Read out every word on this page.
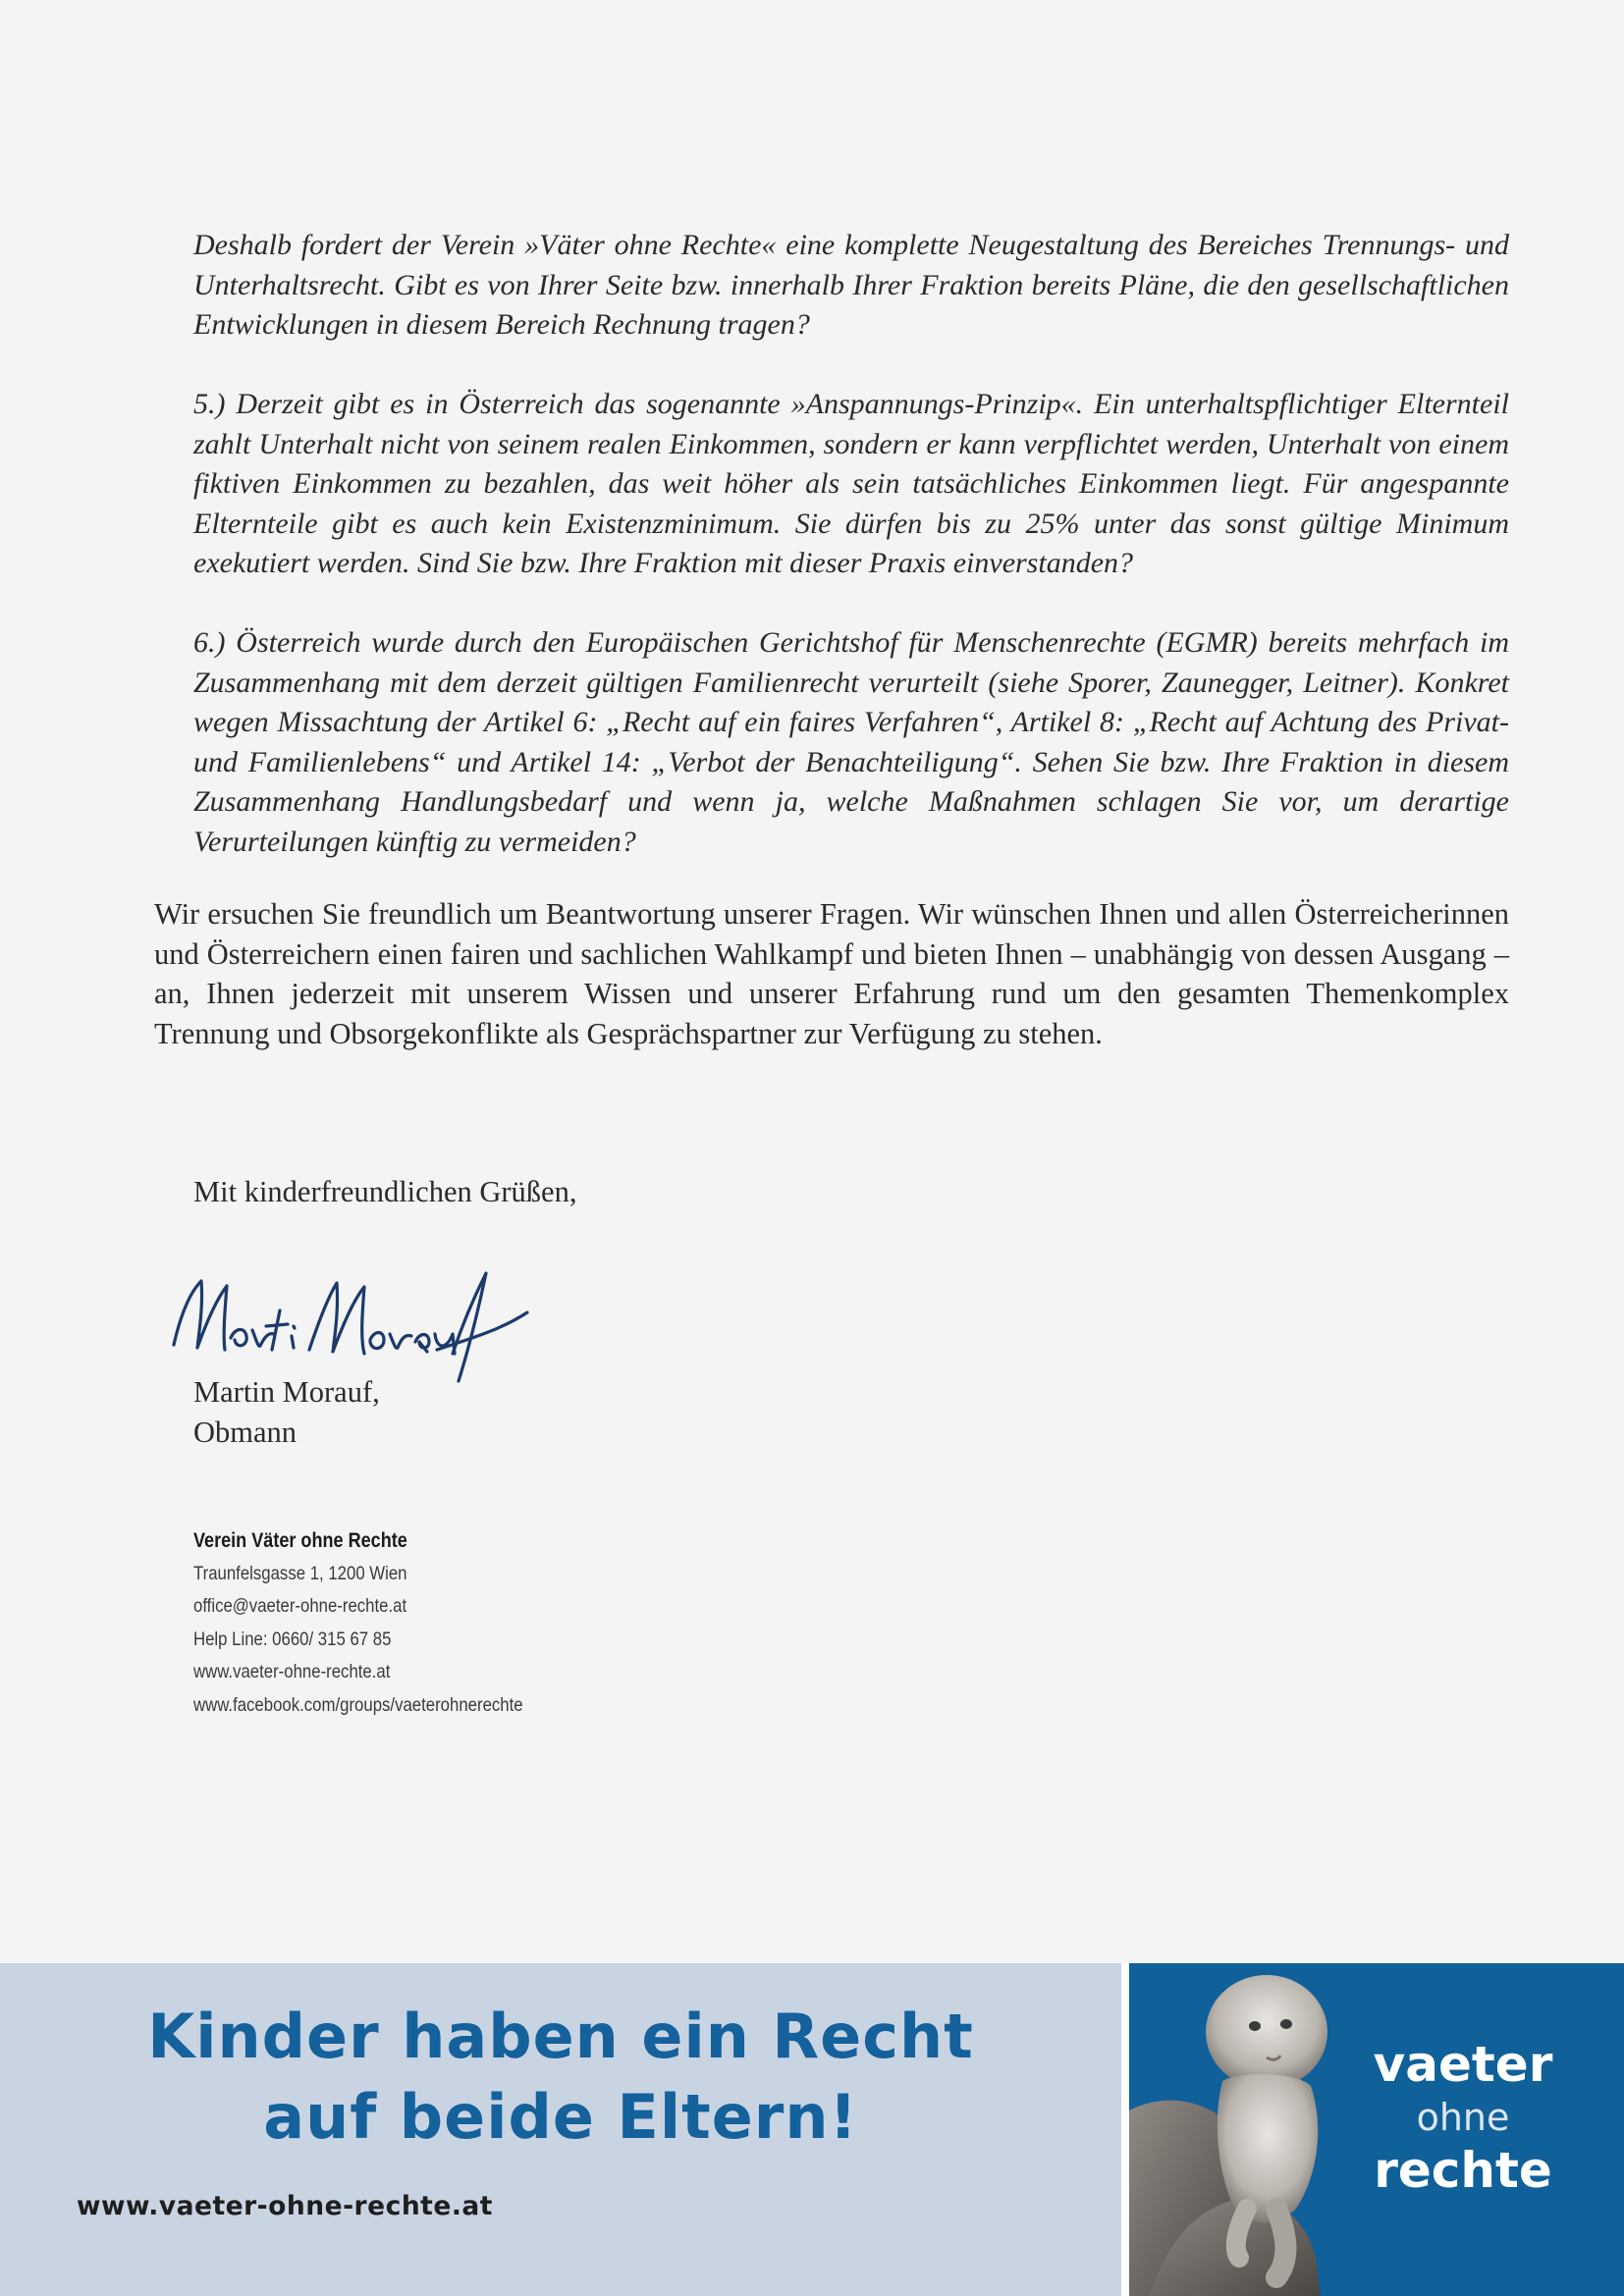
Deshalb fordert der Verein »Väter ohne Rechte« eine komplette Neugestaltung des Bereiches Trennungs- und Unterhaltsrecht. Gibt es von Ihrer Seite bzw. innerhalb Ihrer Fraktion bereits Pläne, die den gesellschaftlichen Entwicklungen in diesem Bereich Rechnung tragen?

5.) Derzeit gibt es in Österreich das sogenannte »Anspannungs-Prinzip«. Ein unterhaltspflichtiger Elternteil zahlt Unterhalt nicht von seinem realen Einkommen, sondern er kann verpflichtet werden, Unterhalt von einem fiktiven Einkommen zu bezahlen, das weit höher als sein tatsächliches Einkommen liegt. Für angespannte Elternteile gibt es auch kein Existenzminimum. Sie dürfen bis zu 25% unter das sonst gültige Minimum exekutiert werden. Sind Sie bzw. Ihre Fraktion mit dieser Praxis einverstanden?

6.) Österreich wurde durch den Europäischen Gerichtshof für Menschenrechte (EGMR) bereits mehrfach im Zusammenhang mit dem derzeit gültigen Familienrecht verurteilt (siehe Sporer, Zaunegger, Leitner). Konkret wegen Missachtung der Artikel 6: „Recht auf ein faires Verfahren“, Artikel 8: „Recht auf Achtung des Privat- und Familienlebens“ und Artikel 14: „Verbot der Benachteiligung“. Sehen Sie bzw. Ihre Fraktion in diesem Zusammenhang Handlungsbedarf und wenn ja, welche Maßnahmen schlagen Sie vor, um derartige Verurteilungen künftig zu vermeiden?

Wir ersuchen Sie freundlich um Beantwortung unserer Fragen. Wir wünschen Ihnen und allen Österreicherinnen und Österreichern einen fairen und sachlichen Wahlkampf und bieten Ihnen – unabhängig von dessen Ausgang – an, Ihnen jederzeit mit unserem Wissen und unserer Erfahrung rund um den gesamten Themenkomplex Trennung und Obsorgekonflikte als Gesprächspartner zur Verfügung zu stehen.

Mit kinderfreundlichen Grüßen,

Martin Morauf,
Obmann
Verein Väter ohne Rechte
Traunfelsgasse 1, 1200 Wien
office@vaeter-ohne-rechte.at
Help Line: 0660/ 315 67 85
www.vaeter-ohne-rechte.at
www.facebook.com/groups/vaeterohnerechte
Kinder haben ein Recht
auf beide Eltern!
www.vaeter-ohne-rechte.at
vaeter
ohne
rechte
